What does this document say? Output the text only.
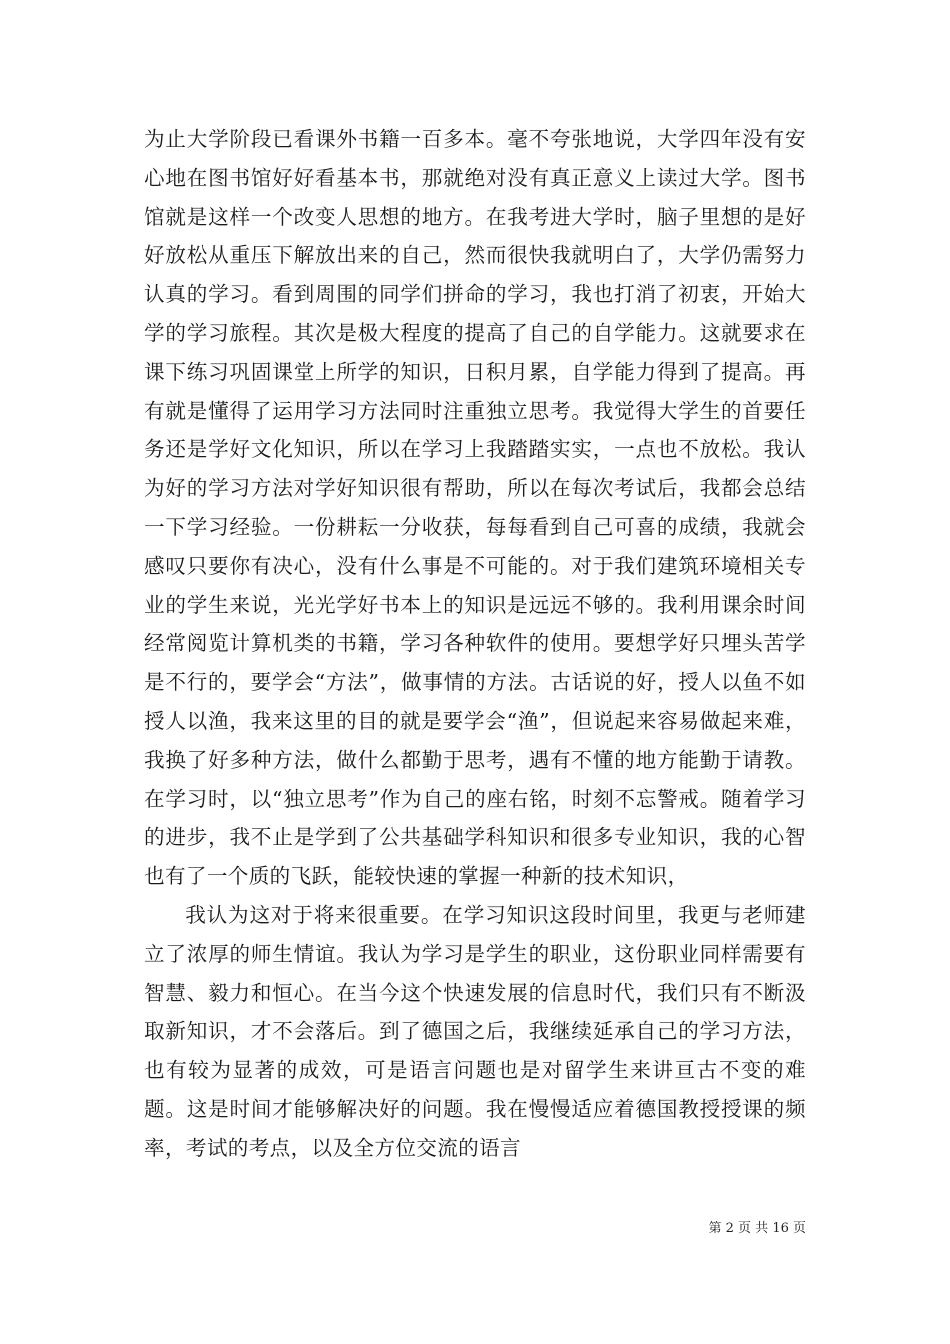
为止大学阶段已看课外书籍一百多本。毫不夸张地说，大学四年没有安心地在图书馆好好看基本书，那就绝对没有真正意义上读过大学。图书馆就是这样一个改变人思想的地方。在我考进大学时，脑子里想的是好好放松从重压下解放出来的自己，然而很快我就明白了，大学仍需努力认真的学习。看到周围的同学们拼命的学习，我也打消了初衷，开始大学的学习旅程。其次是极大程度的提高了自己的自学能力。这就要求在课下练习巩固课堂上所学的知识，日积月累，自学能力得到了提高。再有就是懂得了运用学习方法同时注重独立思考。我觉得大学生的首要任务还是学好文化知识，所以在学习上我踏踏实实，一点也不放松。我认为好的学习方法对学好知识很有帮助，所以在每次考试后，我都会总结一下学习经验。一份耕耘一分收获，每每看到自己可喜的成绩，我就会感叹只要你有决心，没有什么事是不可能的。对于我们建筑环境相关专业的学生来说，光光学好书本上的知识是远远不够的。我利用课余时间经常阅览计算机类的书籍，学习各种软件的使用。要想学好只埋头苦学是不行的，要学会“方法”，做事情的方法。古话说的好，授人以鱼不如授人以渔，我来这里的目的就是要学会“渔”，但说起来容易做起来难，我换了好多种方法，做什么都勤于思考，遇有不懂的地方能勤于请教。在学习时，以“独立思考”作为自己的座右铭，时刻不忘警戒。随着学习的进步，我不止是学到了公共基础学科知识和很多专业知识，我的心智也有了一个质的飞跃，能较快速的掌握一种新的技术知识，

我认为这对于将来很重要。在学习知识这段时间里，我更与老师建立了浓厚的师生情谊。我认为学习是学生的职业，这份职业同样需要有智慧、毅力和恒心。在当今这个快速发展的信息时代，我们只有不断汲取新知识，才不会落后。到了德国之后，我继续延承自己的学习方法，也有较为显著的成效，可是语言问题也是对留学生来讲亘古不变的难题。这是时间才能够解决好的问题。我在慢慢适应着德国教授授课的频率，考试的考点，以及全方位交流的语言

第 2 页 共 16 页
